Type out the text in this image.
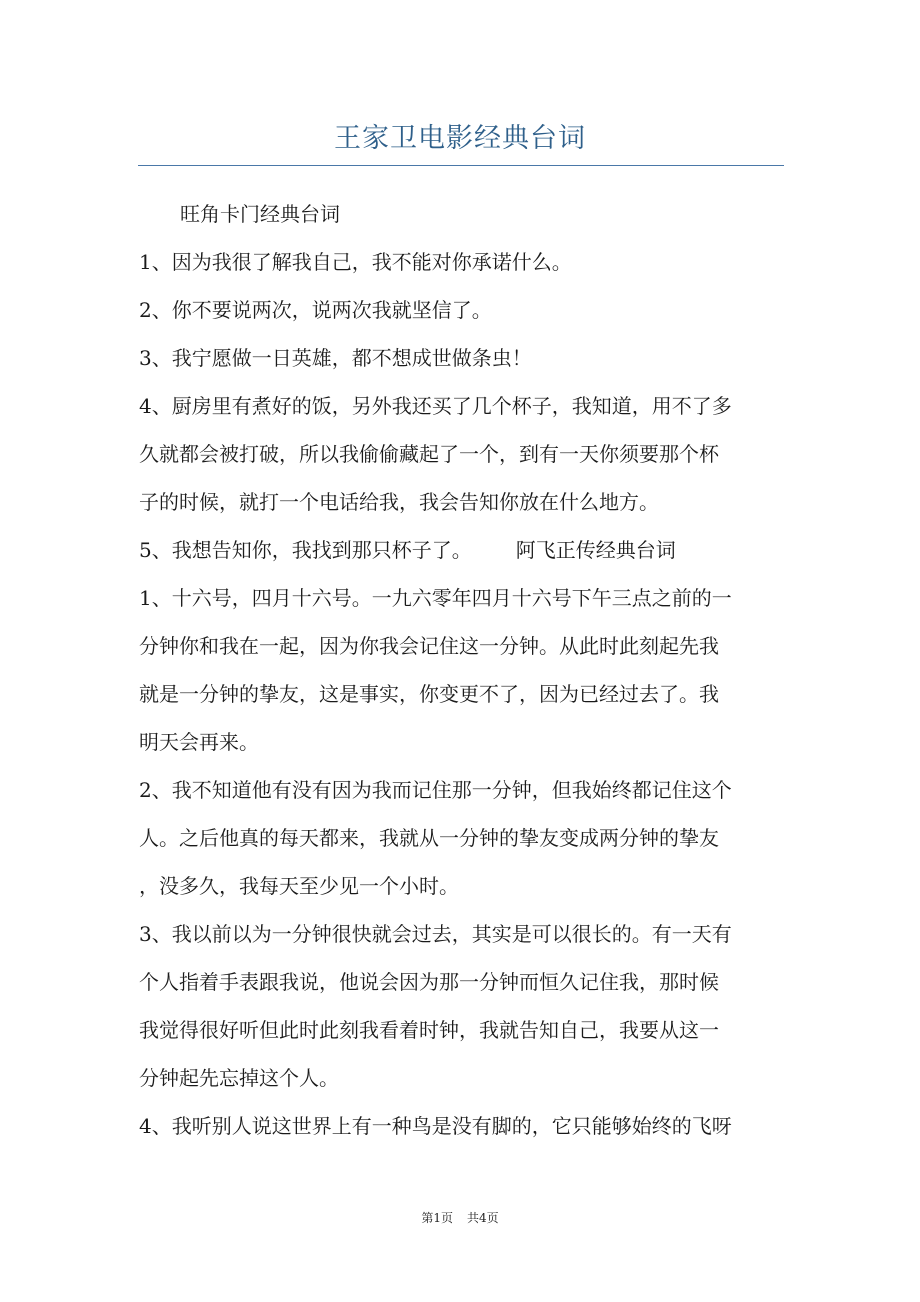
王家卫电影经典台词
旺角卡门经典台词
1、因为我很了解我自己，我不能对你承诺什么。
2、你不要说两次，说两次我就坚信了。
3、我宁愿做一日英雄，都不想成世做条虫！
4、厨房里有煮好的饭，另外我还买了几个杯子，我知道，用不了多
久就都会被打破，所以我偷偷藏起了一个，到有一天你须要那个杯
子的时候，就打一个电话给我，我会告知你放在什么地方。
5、我想告知你，我找到那只杯子了。 阿飞正传经典台词
1、十六号，四月十六号。一九六零年四月十六号下午三点之前的一
分钟你和我在一起，因为你我会记住这一分钟。从此时此刻起先我
就是一分钟的挚友，这是事实，你变更不了，因为已经过去了。我
明天会再来。
2、我不知道他有没有因为我而记住那一分钟，但我始终都记住这个
人。之后他真的每天都来，我就从一分钟的挚友变成两分钟的挚友
，没多久，我每天至少见一个小时。
3、我以前以为一分钟很快就会过去，其实是可以很长的。有一天有
个人指着手表跟我说，他说会因为那一分钟而恒久记住我，那时候
我觉得很好听但此时此刻我看着时钟，我就告知自己，我要从这一
分钟起先忘掉这个人。
4、我听别人说这世界上有一种鸟是没有脚的，它只能够始终的飞呀
第1页 共4页
